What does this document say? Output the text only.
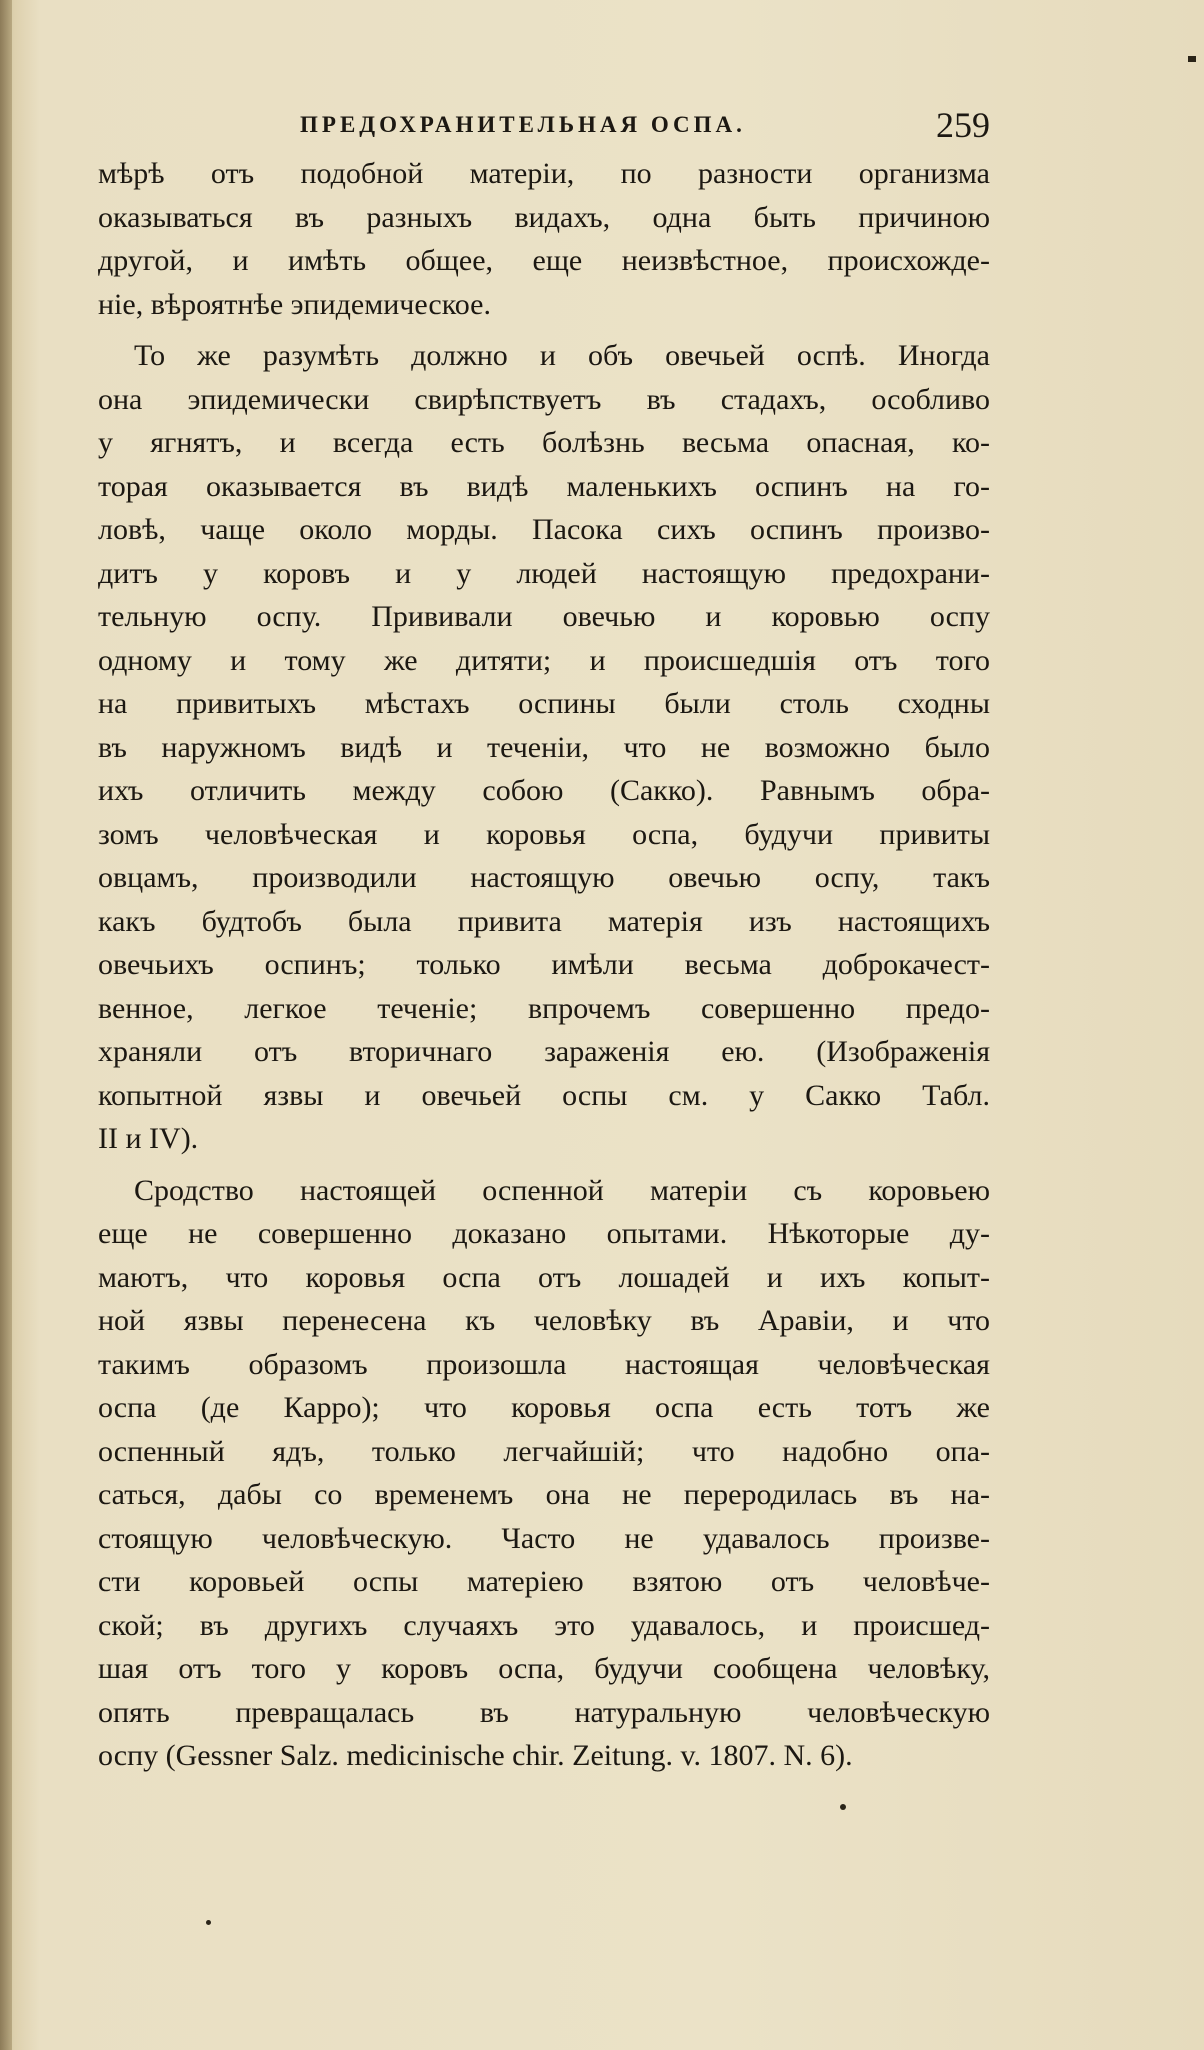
ПРЕДОХРАНИТЕЛЬНАЯ ОСПА.	259
мѣрѣ отъ подобной матеріи, по разности организма
оказываться въ разныхъ видахъ, одна быть причиною
другой, и имѣть общее, еще неизвѣстное, происхожде-
ніе, вѣроятнѣе эпидемическое.
То же разумѣть должно и объ овечьей оспѣ. Иногда
она эпидемически свирѣпствуетъ въ стадахъ, особливо
у ягнятъ, и всегда есть болѣзнь весьма опасная, ко-
торая оказывается въ видѣ маленькихъ оспинъ на го-
ловѣ, чаще около морды. Пасока сихъ оспинъ произво-
дитъ у коровъ и у людей настоящую предохрани-
тельную оспу. Прививали овечью и коровью оспу
одному и тому же дитяти; и происшедшія отъ того
на привитыхъ мѣстахъ оспины были столь сходны
въ наружномъ видѣ и теченіи, что не возможно было
ихъ отличить между собою (Сакко). Равнымъ обра-
зомъ человѣческая и коровья оспа, будучи привиты
овцамъ, производили настоящую овечью оспу, такъ
какъ будтобъ была привита матерія изъ настоящихъ
овечьихъ оспинъ; только имѣли весьма доброкачест-
венное, легкое теченіе; впрочемъ совершенно предо-
храняли отъ вторичнаго зараженія ею. (Изображенія
копытной язвы и овечьей оспы см. у Сакко Табл.
II и IV).
Сродство настоящей оспенной матеріи съ коровьею
еще не совершенно доказано опытами. Нѣкоторые ду-
маютъ, что коровья оспа отъ лошадей и ихъ копыт-
ной язвы перенесена къ человѣку въ Аравіи, и что
такимъ образомъ произошла настоящая человѣческая
оспа (де Карро); что коровья оспа есть тотъ же
оспенный ядъ, только легчайшій; что надобно опа-
саться, дабы со временемъ она не переродилась въ на-
стоящую человѣческую. Часто не удавалось произве-
сти коровьей оспы матеріею взятою отъ человѣче-
ской; въ другихъ случаяхъ это удавалось, и происшед-
шая отъ того у коровъ оспа, будучи сообщена человѣку,
опять превращалась въ натуральную человѣческую
оспу (Gessner Salz. medicinische chir. Zeitung. v. 1807. N. 6).
